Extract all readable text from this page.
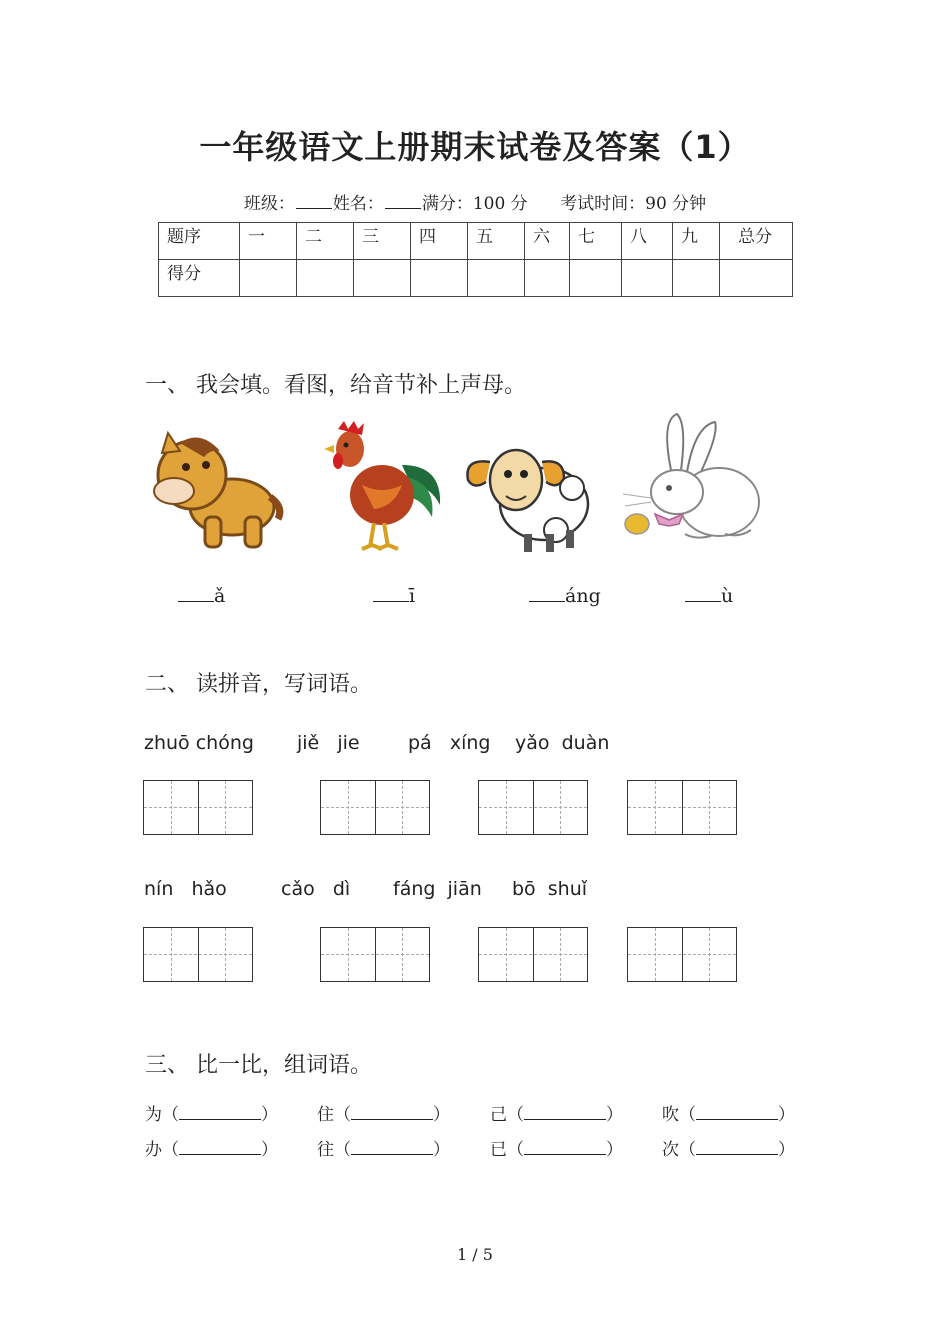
一年级语文上册期末试卷及答案（1）
班级： 姓名： 满分：100 分 考试时间：90 分钟
题序	一	二	三	四	五	六	七	八	九	总分
得分										
一、 我会填。看图，给音节补上声母。
ǎ	ī	áng	ù
二、 读拼音，写词语。
zhuō chóng jiě   jie	pá   xíng yǎo  duàn
nín   hǎo	cǎo   dì fáng  jiān bō  shuǐ
三、 比一比，组词语。
为（	） 住（	） 己（	） 吹（	）
办（	） 往（	） 已（	） 次（	）
1 / 5
